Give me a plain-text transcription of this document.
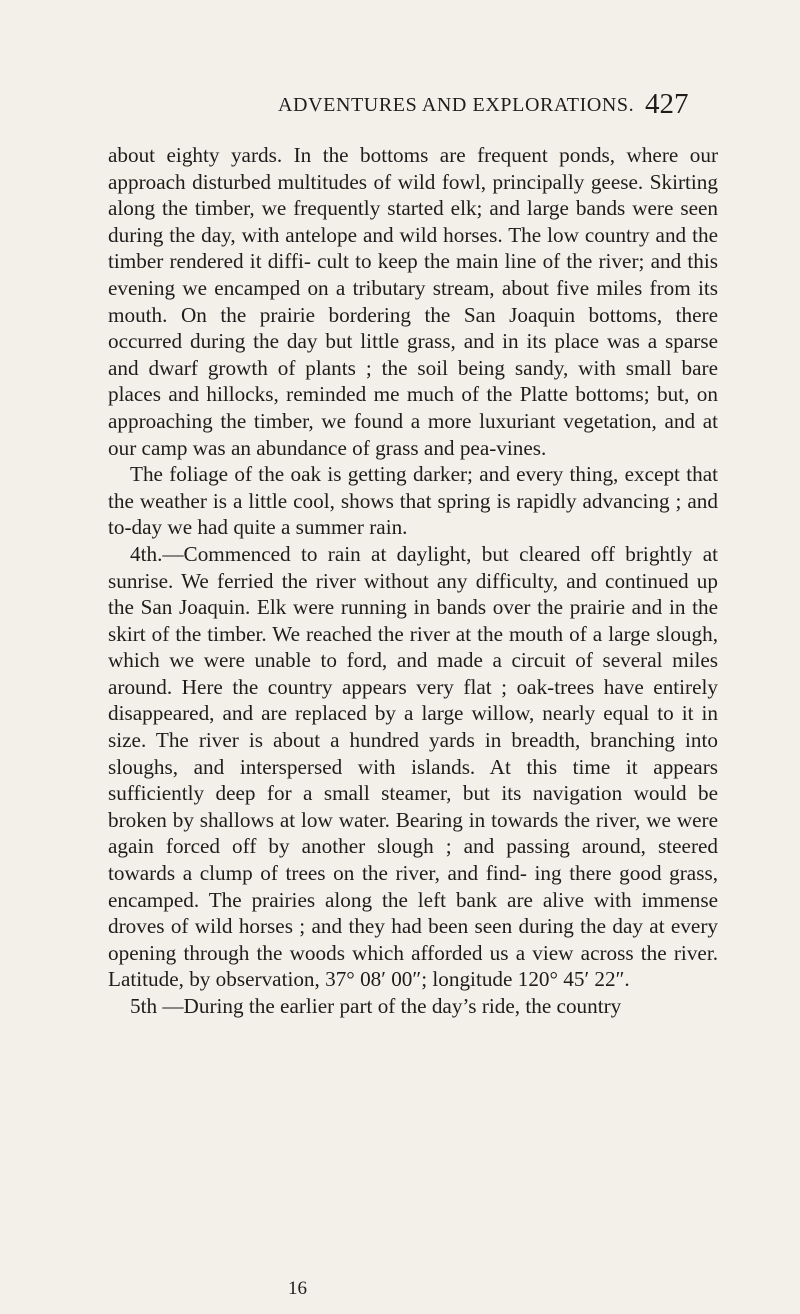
ADVENTURES AND EXPLORATIONS. 427

about eighty yards. In the bottoms are frequent ponds, where our approach disturbed multitudes of wild fowl, principally geese. Skirting along the timber, we frequently started elk; and large bands were seen during the day, with antelope and wild horses. The low country and the timber rendered it diffi- cult to keep the main line of the river; and this evening we encamped on a tributary stream, about five miles from its mouth. On the prairie bordering the San Joaquin bottoms, there occurred during the day but little grass, and in its place was a sparse and dwarf growth of plants ; the soil being sandy, with small bare places and hillocks, reminded me much of the Platte bottoms; but, on approaching the timber, we found a more luxuriant vegetation, and at our camp was an abundance of grass and pea-vines.

The foliage of the oak is getting darker; and every thing, except that the weather is a little cool, shows that spring is rapidly advancing ; and to-day we had quite a summer rain.

4th.—Commenced to rain at daylight, but cleared off brightly at sunrise. We ferried the river without any difficulty, and continued up the San Joaquin. Elk were running in bands over the prairie and in the skirt of the timber. We reached the river at the mouth of a large slough, which we were unable to ford, and made a circuit of several miles around. Here the country appears very flat ; oak-trees have entirely disappeared, and are replaced by a large willow, nearly equal to it in size. The river is about a hundred yards in breadth, branching into sloughs, and interspersed with islands. At this time it appears sufficiently deep for a small steamer, but its navigation would be broken by shallows at low water. Bearing in towards the river, we were again forced off by another slough ; and passing around, steered towards a clump of trees on the river, and find- ing there good grass, encamped. The prairies along the left bank are alive with immense droves of wild horses ; and they had been seen during the day at every opening through the woods which afforded us a view across the river. Latitude, by observation, 37° 08′ 00″; longitude 120° 45′ 22″.

5th —During the earlier part of the day’s ride, the country

16
